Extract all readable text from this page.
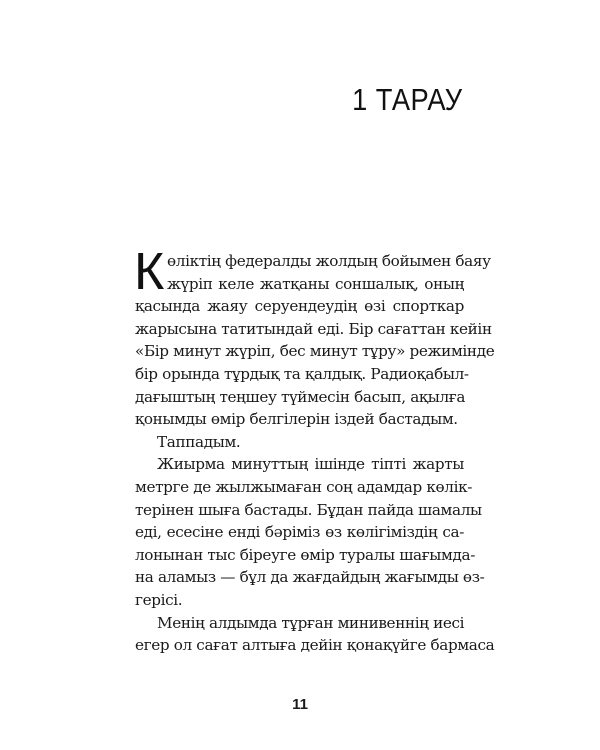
1 ТАРАУ
К өліктің федералды жолдың бойымен баяу
жүріп келе жатқаны соншалық, оның
қасында жаяу серуендеудің өзі спорткар
жарысына татитындай еді. Бір сағаттан кейін
«Бір минут жүріп, бес минут тұру» режимінде
бір орында тұрдық та қалдық. Радиоқабыл-
дағыштың теңшеу түймесін басып, ақылға
қонымды өмір белгілерін іздей бастадым.
Таппадым.
Жиырма минуттың ішінде тіпті жарты
метрге де жылжымаған соң адамдар көлік-
терінен шыға бастады. Бұдан пайда шамалы
еді, есесіне енді бәріміз өз көлігіміздің са-
лонынан тыс біреуге өмір туралы шағымда-
на аламыз — бұл да жағдайдың жағымды өз-
герісі.
Менің алдымда тұрған минивеннің иесі
егер ол сағат алтыға дейін қонақүйге бармаса
11
